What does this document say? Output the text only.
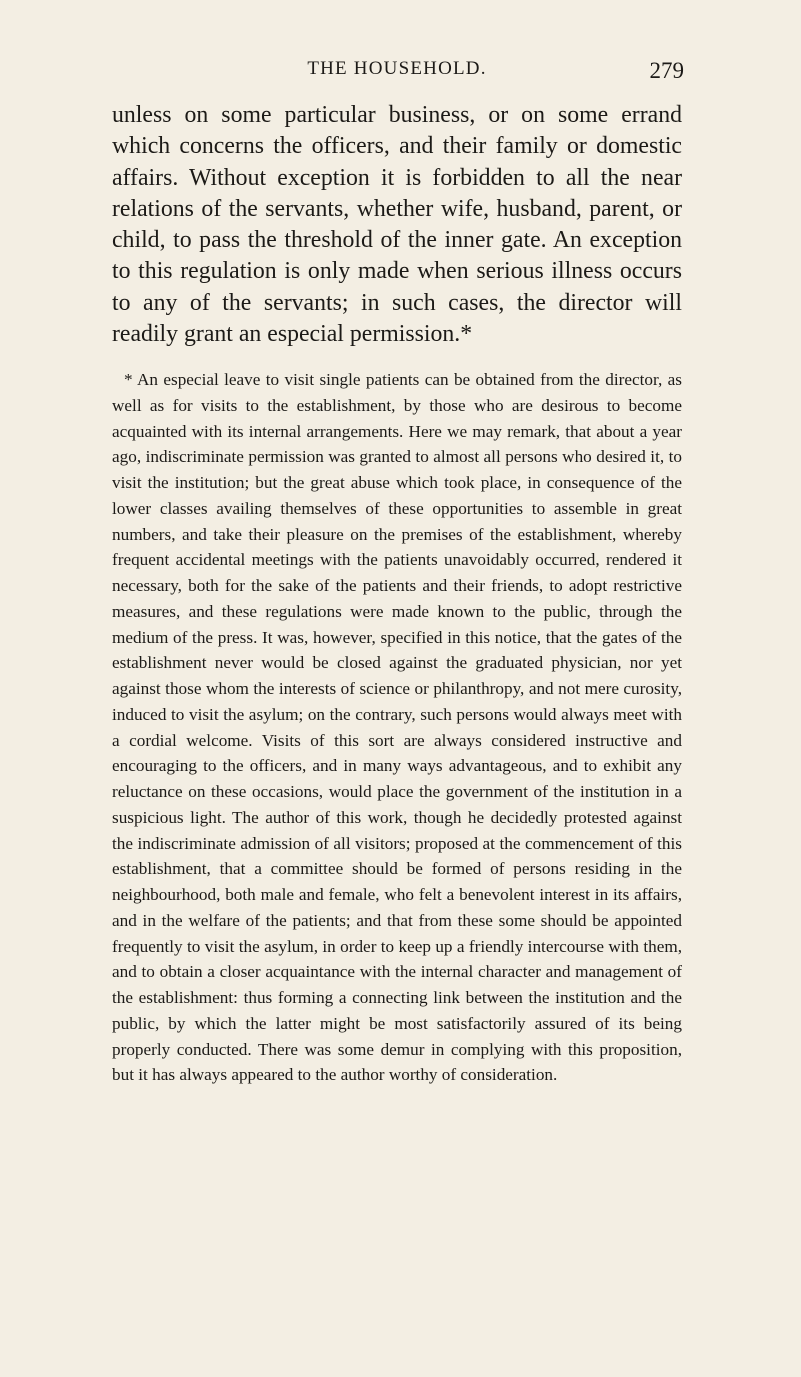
THE HOUSEHOLD.	279

unless on some particular business, or on some errand which concerns the officers, and their family or domestic affairs. Without exception it is forbidden to all the near relations of the servants, whether wife, husband, parent, or child, to pass the threshold of the inner gate. An exception to this regulation is only made when serious illness occurs to any of the servants; in such cases, the director will readily grant an especial permission.*

* An especial leave to visit single patients can be obtained from the director, as well as for visits to the establishment, by those who are desirous to become acquainted with its internal arrangements. Here we may remark, that about a year ago, indiscriminate permission was granted to almost all persons who desired it, to visit the institution; but the great abuse which took place, in consequence of the lower classes availing themselves of these opportunities to assemble in great numbers, and take their pleasure on the premises of the establishment, whereby frequent accidental meetings with the patients unavoidably occurred, rendered it necessary, both for the sake of the patients and their friends, to adopt restrictive measures, and these regulations were made known to the public, through the medium of the press. It was, however, specified in this notice, that the gates of the establishment never would be closed against the graduated physician, nor yet against those whom the interests of science or philanthropy, and not mere curosity, induced to visit the asylum; on the contrary, such persons would always meet with a cordial welcome. Visits of this sort are always considered instructive and encouraging to the officers, and in many ways advantageous, and to exhibit any reluctance on these occasions, would place the government of the institution in a suspicious light. The author of this work, though he decidedly protested against the indiscriminate admission of all visitors; proposed at the commencement of this establishment, that a committee should be formed of persons residing in the neighbourhood, both male and female, who felt a benevolent interest in its affairs, and in the welfare of the patients; and that from these some should be appointed frequently to visit the asylum, in order to keep up a friendly intercourse with them, and to obtain a closer acquaintance with the internal character and management of the establishment: thus forming a connecting link between the institution and the public, by which the latter might be most satisfactorily assured of its being properly conducted. There was some demur in complying with this proposition, but it has always appeared to the author worthy of consideration.
